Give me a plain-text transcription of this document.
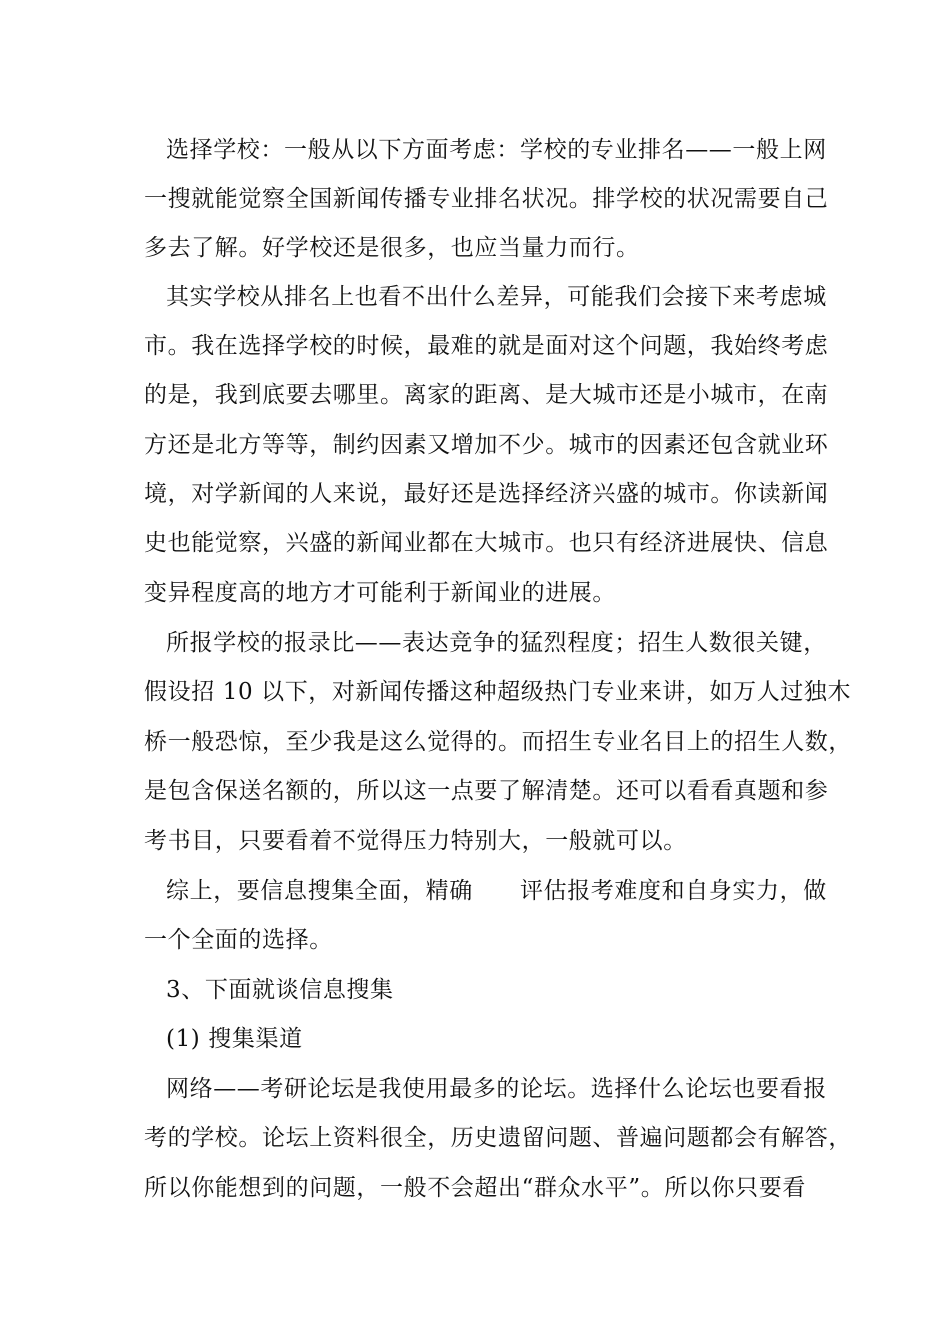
选择学校：一般从以下方面考虑：学校的专业排名——一般上网
一搜就能觉察全国新闻传播专业排名状况。排学校的状况需要自己
多去了解。好学校还是很多，也应当量力而行。
其实学校从排名上也看不出什么差异，可能我们会接下来考虑城
市。我在选择学校的时候，最难的就是面对这个问题，我始终考虑
的是，我到底要去哪里。离家的距离、是大城市还是小城市，在南
方还是北方等等，制约因素又增加不少。城市的因素还包含就业环
境，对学新闻的人来说，最好还是选择经济兴盛的城市。你读新闻
史也能觉察，兴盛的新闻业都在大城市。也只有经济进展快、信息
变异程度高的地方才可能利于新闻业的进展。
所报学校的报录比——表达竞争的猛烈程度；招生人数很关键，
假设招 10 以下，对新闻传播这种超级热门专业来讲，如万人过独木
桥一般恐惊，至少我是这么觉得的。而招生专业名目上的招生人数，
是包含保送名额的，所以这一点要了解清楚。还可以看看真题和参
考书目，只要看着不觉得压力特别大，一般就可以。
综上，要信息搜集全面，精确　　评估报考难度和自身实力，做
一个全面的选择。
3、下面就谈信息搜集
(1) 搜集渠道
网络——考研论坛是我使用最多的论坛。选择什么论坛也要看报
考的学校。论坛上资料很全，历史遗留问题、普遍问题都会有解答，
所以你能想到的问题，一般不会超出“群众水平”。所以你只要看
